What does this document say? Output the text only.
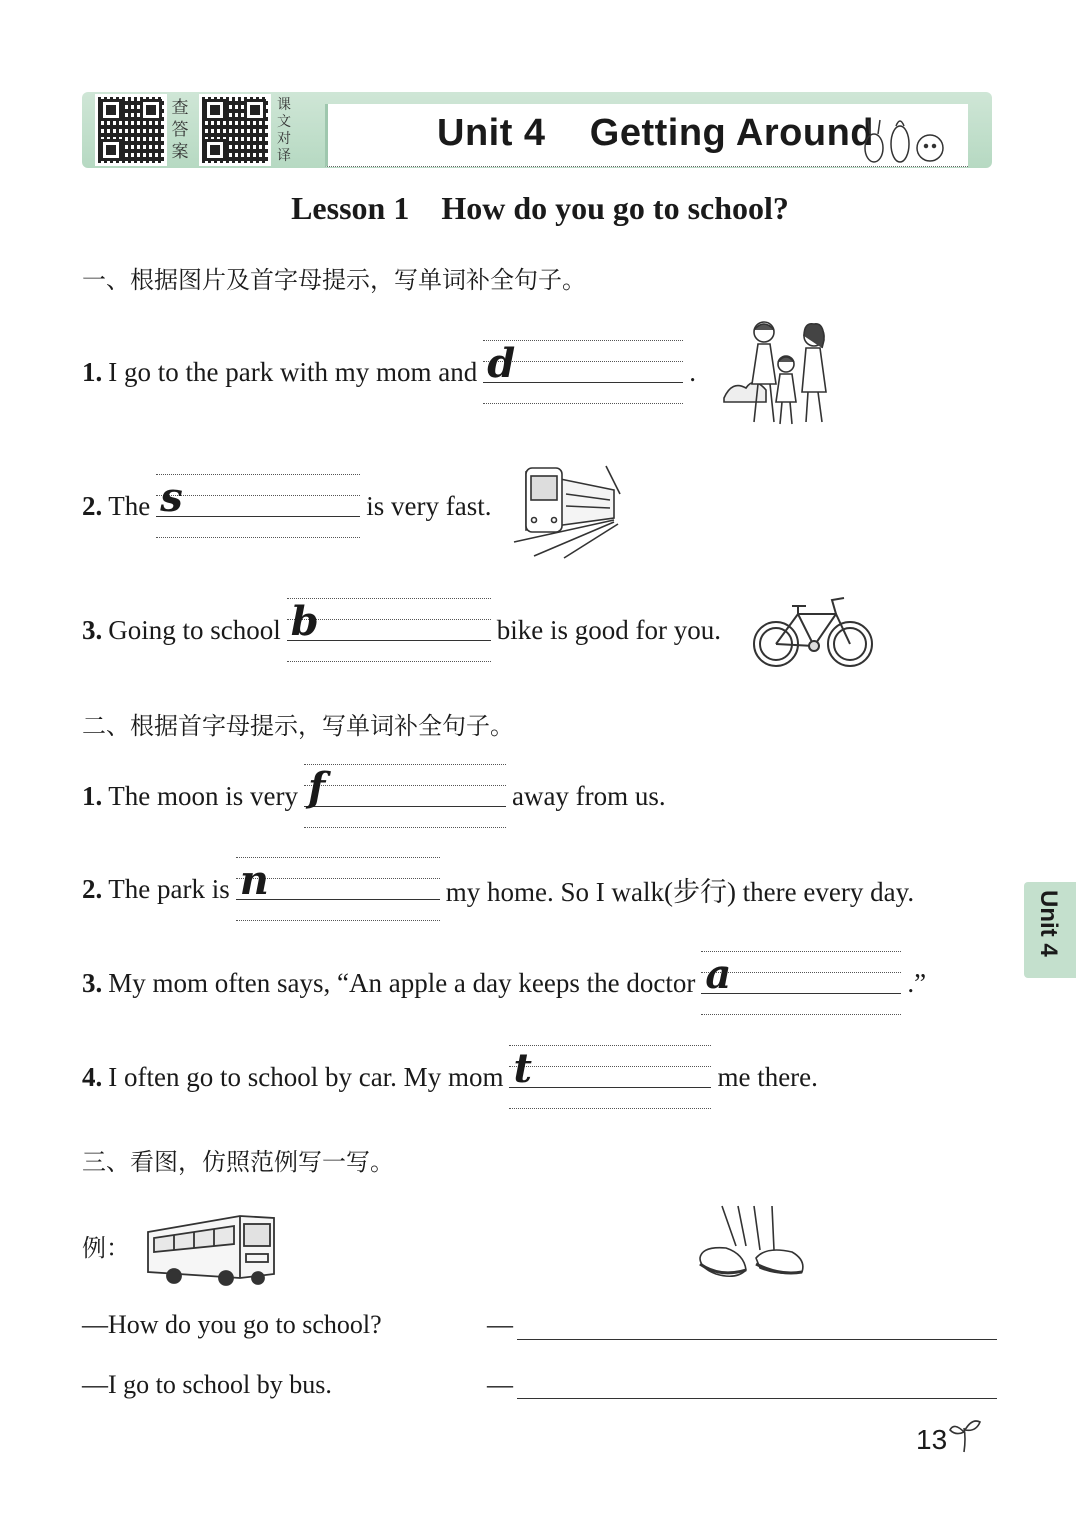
查
答
案
课
文
对
译
Unit 4    Getting Around
Lesson 1    How do you go to school?
一、根据图片及首字母提示，写单词补全句子。
1. I go to the park with my mom and d	.
2. The s	is very fast.
3. Going to school b	bike is good for you.
二、根据首字母提示，写单词补全句子。
1. The moon is very f	away from us.
2. The park is n	my home. So I walk(步行) there every day.
3. My mom often says, “An apple a day keeps the doctor a	.”
4. I often go to school by car. My mom t	me there.
三、看图，仿照范例写一写。
例：
—How do you go to school?
—I go to school by bus.
—
—
Unit 4
13
